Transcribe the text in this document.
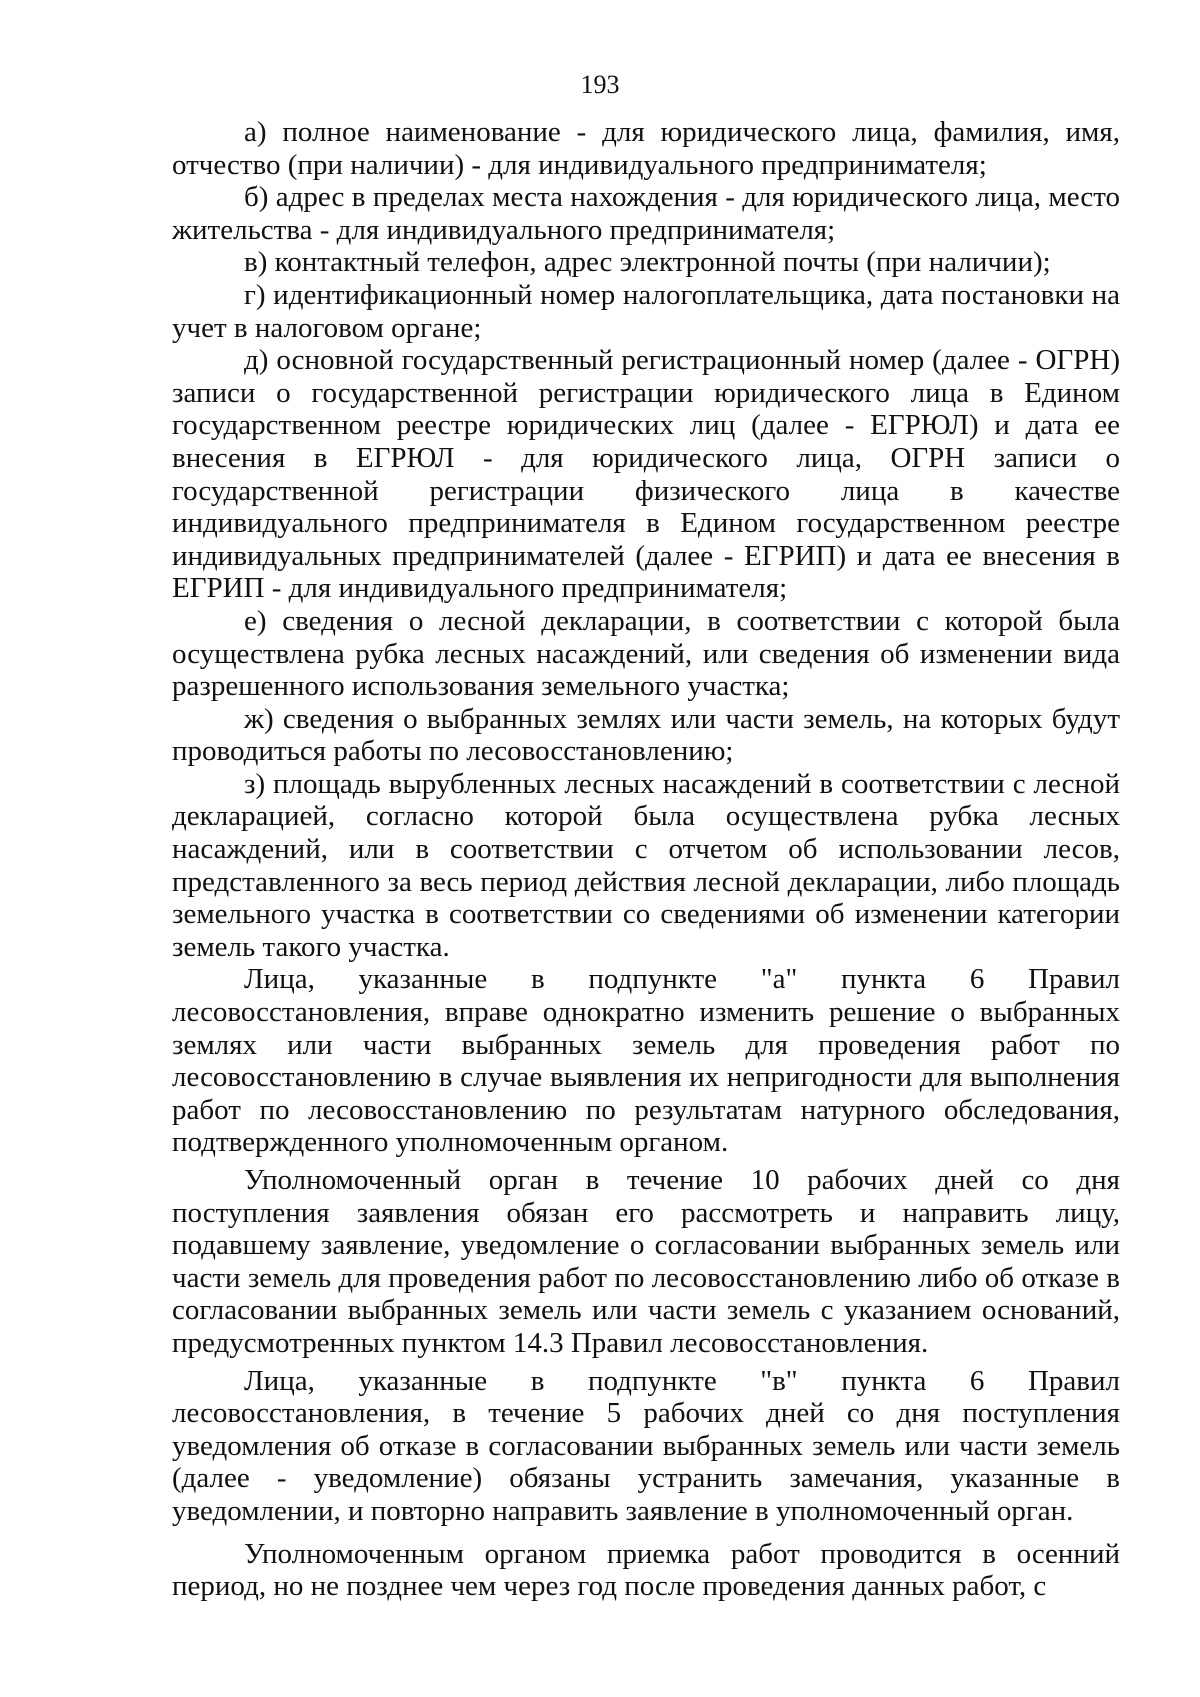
193

а) полное наименование - для юридического лица, фамилия, имя, отчество (при наличии) - для индивидуального предпринимателя;

б) адрес в пределах места нахождения - для юридического лица, место жительства - для индивидуального предпринимателя;

в) контактный телефон, адрес электронной почты (при наличии);

г) идентификационный номер налогоплательщика, дата постановки на учет в налоговом органе;

д) основной государственный регистрационный номер (далее - ОГРН) записи о государственной регистрации юридического лица в Едином государственном реестре юридических лиц (далее - ЕГРЮЛ) и дата ее внесения в ЕГРЮЛ - для юридического лица, ОГРН записи о государственной регистрации физического лица в качестве индивидуального предпринимателя в Едином государственном реестре индивидуальных предпринимателей (далее - ЕГРИП) и дата ее внесения в ЕГРИП - для индивидуального предпринимателя;

е) сведения о лесной декларации, в соответствии с которой была осуществлена рубка лесных насаждений, или сведения об изменении вида разрешенного использования земельного участка;

ж) сведения о выбранных землях или части земель, на которых будут проводиться работы по лесовосстановлению;

з) площадь вырубленных лесных насаждений в соответствии с лесной декларацией, согласно которой была осуществлена рубка лесных насаждений, или в соответствии с отчетом об использовании лесов, представленного за весь период действия лесной декларации, либо площадь земельного участка в соответствии со сведениями об изменении категории земель такого участка.

Лица, указанные в подпункте "а" пункта 6 Правил лесовосстановления, вправе однократно изменить решение о выбранных землях или части выбранных земель для проведения работ по лесовосстановлению в случае выявления их непригодности для выполнения работ по лесовосстановлению по результатам натурного обследования, подтвержденного уполномоченным органом.

Уполномоченный орган в течение 10 рабочих дней со дня поступления заявления обязан его рассмотреть и направить лицу, подавшему заявление, уведомление о согласовании выбранных земель или части земель для проведения работ по лесовосстановлению либо об отказе в согласовании выбранных земель или части земель с указанием оснований, предусмотренных пунктом 14.3 Правил лесовосстановления.

Лица, указанные в подпункте "в" пункта 6 Правил лесовосстановления, в течение 5 рабочих дней со дня поступления уведомления об отказе в согласовании выбранных земель или части земель (далее - уведомление) обязаны устранить замечания, указанные в уведомлении, и повторно направить заявление в уполномоченный орган.

Уполномоченным органом приемка работ проводится в осенний период, но не позднее чем через год после проведения данных работ, с
